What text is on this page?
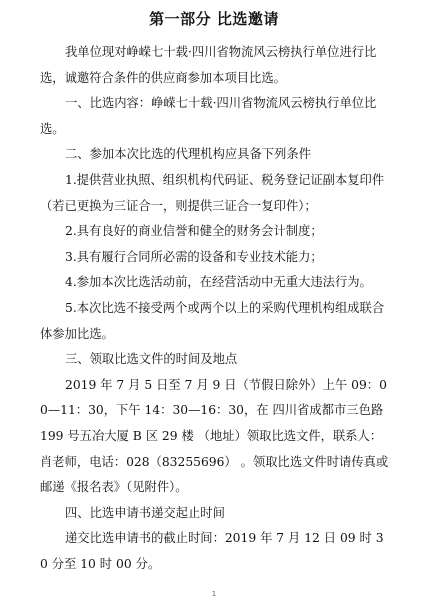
第一部分 比选邀请

我单位现对峥嵘七十载·四川省物流风云榜执行单位进行比选，诚邀符合条件的供应商参加本项目比选。

一、比选内容：峥嵘七十载·四川省物流风云榜执行单位比选。

二、参加本次比选的代理机构应具备下列条件

1.提供营业执照、组织机构代码证、税务登记证副本复印件（若已更换为三证合一，则提供三证合一复印件）；

2.具有良好的商业信誉和健全的财务会计制度；

3.具有履行合同所必需的设备和专业技术能力；

4.参加本次比选活动前，在经营活动中无重大违法行为。

5.本次比选不接受两个或两个以上的采购代理机构组成联合体参加比选。

三、领取比选文件的时间及地点

2019 年 7 月 5 日至 7 月 9 日（节假日除外）上午 09：00—11：30，下午 14：30—16：30，在 四川省成都市三色路 199 号五冶大厦 B 区 29 楼 （地址）领取比选文件，联系人：肖老师，电话：028（83255696） 。领取比选文件时请传真或邮递《报名表》（见附件）。

四、比选申请书递交起止时间

递交比选申请书的截止时间：2019 年 7 月 12 日 09 时 30 分至 10 时 00 分。

1
